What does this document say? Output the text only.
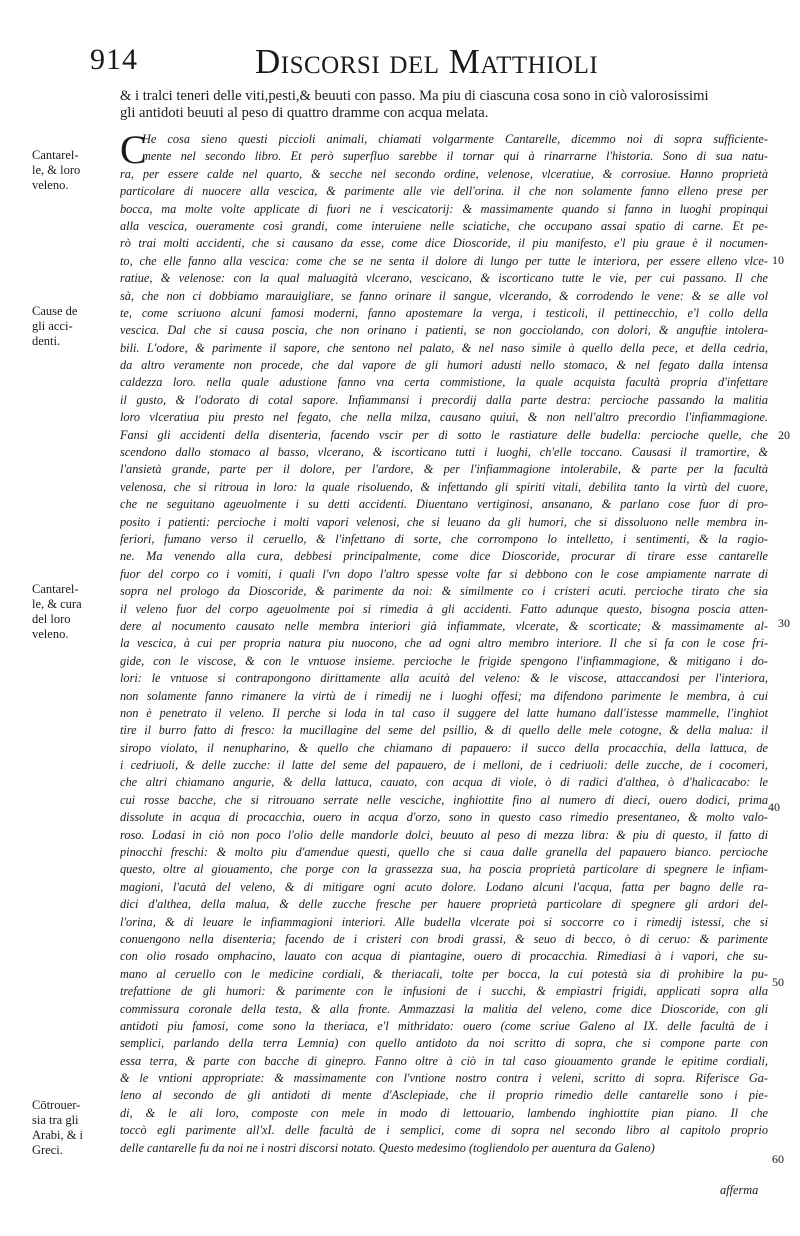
914	Discorsi del Matthioli
& i tralci teneri delle viti,pesti,& beuuti con passo. Ma piu di ciascuna cosa sono in ciò valorosissimi
gli antidoti beuuti al peso di quattro dramme con acqua melata.
C
He cosa sieno questi piccioli animali, chiamati volgarmente Cantarelle, dicemmo noi di sopra sufficiente-
mente nel secondo libro. Et però superfluo sarebbe il tornar qui à rinarrarne l'historia. Sono di sua natu-
ra, per essere calde nel quarto, & secche nel secondo ordine, velenose, vlceratiue, & corrosiue. Hanno proprietà
particolare di nuocere alla vescica, & parimente alle vie dell'orina. il che non solamente fanno elleno prese per
bocca, ma molte volte applicate di fuori ne i vescicatorij: & massimamente quando si fanno in luoghi propinqui
alla vescica, oueramente così grandi, come interuiene nelle sciatiche, che occupano assai spatio di carne. Et pe-
rò trai molti accidenti, che si causano da esse, come dice Dioscoride, il piu manifesto, e'l piu graue è il nocumen-
to, che elle fanno alla vescica: come che se ne senta il dolore di lungo per tutte le interiora, per essere elleno vlce-
ratiue, & velenose: con la qual maluagità vlcerano, vescicano, & iscorticano tutte le vie, per cui passano. Il che
sà, che non ci dobbiamo marauigliare, se fanno orinare il sangue, vlcerando, & corrodendo le vene: & se alle vol
te, come scriuono alcuni famosi moderni, fanno apostemare la verga, i testicoli, il pettinecchio, e'l collo della
vescica. Dal che si causa poscia, che non orinano i patienti, se non gocciolando, con dolori, & anguftie intolera-
bili. L'odore, & parimente il sapore, che sentono nel palato, & nel naso simile à quello della pece, et della cedria,
da altro veramente non procede, che dal vapore de gli humori adusti nello stomaco, & nel fegato dalla intensa
caldezza loro. nella quale adustione fanno vna certa commistione, la quale acquista facultà propria d'infettare
il gusto, & l'odorato di cotal sapore. Infiammansi i precordij dalla parte destra: percioche passando la malitia
loro vlceratiua piu presto nel fegato, che nella milza, causano quiui, & non nell'altro precordio l'infiammagione.
Fansi gli accidenti della disenteria, facendo vscir per di sotto le rastiature delle budella: percioche quelle, che
scendono dallo stomaco al basso, vlcerano, & iscorticano tutti i luoghi, ch'elle toccano. Causasi il tramortire, &
l'ansietà grande, parte per il dolore, per l'ardore, & per l'infiammagione intolerabile, & parte per la facultà
velenosa, che si ritroua in loro: la quale risoluendo, & infettando gli spiriti vitali, debilita tanto la virtù del cuore,
che ne seguitano ageuolmente i su detti accidenti. Diuentano vertiginosi, ansanano, & parlano cose fuor di pro-
posito i patienti: percioche i molti vapori velenosi, che si leuano da gli humori, che si dissoluono nelle membra in-
feriori, fumano verso il ceruello, & l'infettano di sorte, che corrompono lo intelletto, i sentimenti, & la ragio-
ne. Ma venendo alla cura, debbesi principalmente, come dice Dioscoride, procurar di tirare esse cantarelle
fuor del corpo co i vomiti, i quali l'vn dopo l'altro spesse volte far si debbono con le cose ampiamente narrate di
sopra nel prologo da Dioscoride, & parimente da noi: & similmente co i cristeri acuti. percioche tirato che sia
il veleno fuor del corpo ageuolmente poi si rimedia à gli accidenti. Fatto adunque questo, bisogna poscia atten-
dere al nocumento causato nelle membra interiori già infiammate, vlcerate, & scorticate; & massimamente al-
la vescica, à cui per propria natura piu nuocono, che ad ogni altro membro interiore. Il che si fa con le cose fri-
gide, con le viscose, & con le vntuose insieme. percioche le frigide spengono l'infiammagione, & mitigano i do-
lori: le vntuose si contrapongono dirittamente alla acuità del veleno: & le viscose, attaccandosi per l'interiora,
non solamente fanno rimanere la virtù de i rimedij ne i luoghi offesi; ma difendono parimente le membra, à cui
non è penetrato il veleno. Il perche si loda in tal caso il suggere del latte humano dall'istesse mammelle, l'inghiot
tire il burro fatto di fresco: la mucillagine del seme del psillio, & di quello delle mele cotogne, & della malua: il
siropo violato, il nenupharino, & quello che chiamano di papauero: il succo della procacchia, della lattuca, de
i cedriuoli, & delle zucche: il latte del seme del papauero, de i melloni, de i cedriuoli: delle zucche, de i cocomeri,
che altri chiamano angurie, & della lattuca, cauato, con acqua di viole, ò di radici d'althea, ò d'halicacabo: le
cui rosse bacche, che si ritrouano serrate nelle vesciche, inghiottite fino al numero di dieci, ouero dodici, prima
dissolute in acqua di procacchia, ouero in acqua d'orzo, sono in questo caso rimedio presentaneo, & molto valo-
roso. Lodasi in ciò non poco l'olio delle mandorle dolci, beuuto al peso di mezza libra: & piu di questo, il fatto di
pinocchi freschi: & molto piu d'amendue questi, quello che si caua dalle granella del papauero bianco. percioche
questo, oltre al giouamento, che porge con la grassezza sua, ha poscia proprietà particolare di spegnere le infiam-
magioni, l'acutà del veleno, & di mitigare ogni acuto dolore. Lodano alcuni l'acqua, fatta per bagno delle ra-
dici d'althea, della malua, & delle zucche fresche per hauere proprietà particolare di spegnere gli ardori del-
l'orina, & di leuare le infiammagioni interiori. Alle budella vlcerate poi si soccorre co i rimedij istessi, che si
conuengono nella disenteria; facendo de i cristeri con brodi grassi, & seuo di becco, ò di ceruo: & parimente
con olio rosado omphacino, lauato con acqua di piantagine, ouero di procacchia. Rimediasi à i vapori, che su-
mano al ceruello con le medicine cordiali, & theriacali, tolte per bocca, la cui potestà sia di prohibire la pu-
trefattione de gli humori: & parimente con le infusioni de i succhi, & empiastri frigidi, applicati sopra alla
commissura coronale della testa, & alla fronte. Ammazzasi la malitia del veleno, come dice Dioscoride, con gli
antidoti piu famosi, come sono la theriaca, e'l mithridato: ouero (come scriue Galeno al IX. delle facultà de i
semplici, parlando della terra Lemnia) con quello antidoto da noi scritto di sopra, che si compone parte con
essa terra, & parte con bacche di ginepro. Fanno oltre à ciò in tal caso giouamento grande le epitime cordiali,
& le vntioni appropriate: & massimamente con l'vntione nostro contra i veleni, scritto di sopra. Riferisce Ga-
leno al secondo de gli antidoti di mente d'Asclepiade, che il proprio rimedio delle cantarelle sono i pie-
di, & le ali loro, composte con mele in modo di lettouario, lambendo inghiottite pian piano. Il che
toccò egli parimente all'xI. delle facultà de i semplici, come di sopra nel secondo libro al capitolo proprio
delle cantarelle fu da noi ne i nostri discorsi notato. Questo medesimo (togliendolo per auentura da Galeno)
Cantarel-
le, & loro
veleno.
Cause de
gli acci-
denti.
Cantarel-
le, & cura
del loro
veleno.
Cōtrouer-
sia tra gli
Arabi, & i
Greci.
10
20
30
40
50
60
afferma
